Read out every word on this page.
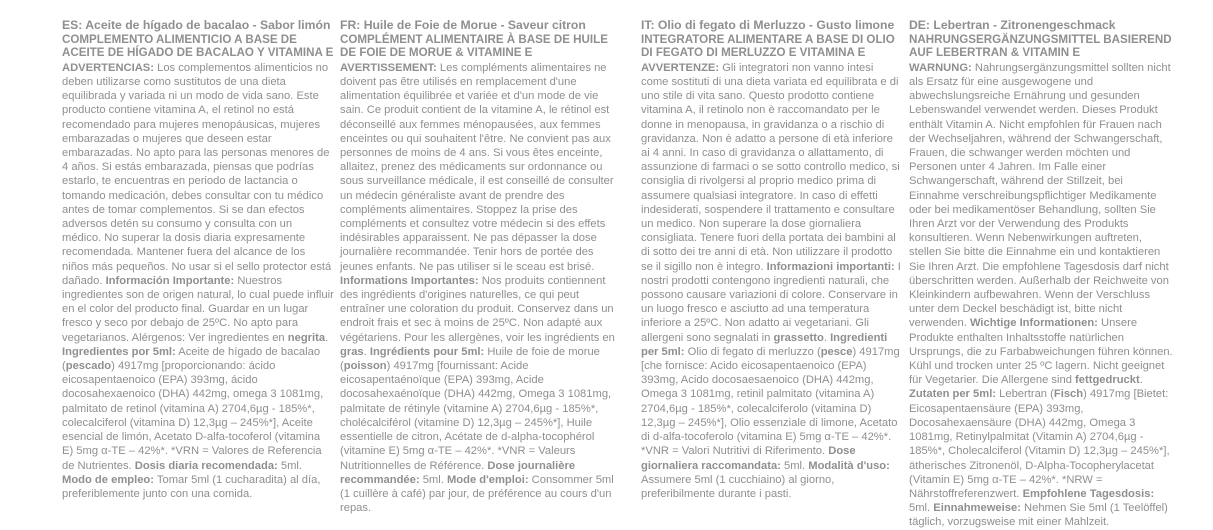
ES: Aceite de hígado de bacalao - Sabor limón
COMPLEMENTO ALIMENTICIO A BASE DE ACEITE DE HÍGADO DE BACALAO Y VITAMINA E

ADVERTENCIAS: Los complementos alimenticios no deben utilizarse como sustitutos de una dieta equilibrada y variada ni un modo de vida sano. Este producto contiene vitamina A, el retinol no está recomendado para mujeres menopáusicas, mujeres embarazadas o mujeres que deseen estar embarazadas. No apto para las personas menores de 4 años. Si estás embarazada, piensas que podrías estarlo, te encuentras en periodo de lactancia o tomando medicación, debes consultar con tu médico antes de tomar complementos. Si se dan efectos adversos detén su consumo y consulta con un médico. No superar la dosis diaria expresamente recomendada. Mantener fuera del alcance de los niños más pequeños. No usar si el sello protector está dañado. Información Importante: Nuestros ingredientes son de origen natural, lo cual puede influir en el color del producto final. Guardar en un lugar fresco y seco por debajo de 25ºC. No apto para vegetarianos. Alérgenos: Ver ingredientes en negrita. Ingredientes por 5ml: Aceite de hígado de bacalao (pescado) 4917mg [proporcionando: ácido eicosapentaenoico (EPA) 393mg, ácido docosahexaenoico (DHA) 442mg, omega 3 1081mg, palmitato de retinol (vitamina A) 2704,6µg - 185%*, colecalciferol (vitamina D) 12,3µg – 245%*], Aceite esencial de limón, Acetato D-alfa-tocoferol (vitamina E) 5mg α-TE – 42%*. *VRN = Valores de Referencia de Nutrientes. Dosis diaria recomendada: 5ml. Modo de empleo: Tomar 5ml (1 cucharadita) al día, preferiblemente junto con una comida.

FR: Huile de Foie de Morue - Saveur citron
COMPLÉMENT ALIMENTAIRE À BASE DE HUILE DE FOIE DE MORUE & VITAMINE E

AVERTISSEMENT: Les compléments alimentaires ne doivent pas être utilisés en remplacement d'une alimentation équilibrée et variée et d'un mode de vie sain. Ce produit contient de la vitamine A, le rétinol est déconseillé aux femmes ménopausées, aux femmes enceintes ou qui souhaitent l'être. Ne convient pas aux personnes de moins de 4 ans. Si vous êtes enceinte, allaitez, prenez des médicaments sur ordonnance ou sous surveillance médicale, il est conseillé de consulter un médecin généraliste avant de prendre des compléments alimentaires. Stoppez la prise des compléments et consultez votre médecin si des effets indésirables apparaissent. Ne pas dépasser la dose journalière recommandée. Tenir hors de portée des jeunes enfants. Ne pas utiliser si le sceau est brisé. Informations Importantes: Nos produits contiennent des ingrédients d'origines naturelles, ce qui peut entraîner une coloration du produit. Conservez dans un endroit frais et sec à moins de 25ºC. Non adapté aux végétariens. Pour les allergènes, voir les ingrédients en gras. Ingrédients pour 5ml: Huile de foie de morue (poisson) 4917mg [fournissant: Acide eicosapentaénoïque (EPA) 393mg, Acide docosahexaénoïque (DHA) 442mg, Omega 3 1081mg, palmitate de rétinyle (vitamine A) 2704,6µg - 185%*, cholécalciférol (vitamine D) 12,3µg – 245%*], Huile essentielle de citron, Acétate de d-alpha-tocophérol (vitamine E) 5mg α-TE – 42%*. *VNR = Valeurs Nutritionnelles de Référence. Dose journalière recommandée: 5ml. Mode d'emploi: Consommer 5ml (1 cuillère à café) par jour, de préférence au cours d'un repas.

IT: Olio di fegato di Merluzzo - Gusto limone
INTEGRATORE ALIMENTARE A BASE DI OLIO DI FEGATO DI MERLUZZO E VITAMINA E

AVVERTENZE: Gli integratori non vanno intesi come sostituti di una dieta variata ed equilibrata e di uno stile di vita sano. Questo prodotto contiene vitamina A, il retinolo non è raccomandato per le donne in menopausa, in gravidanza o a rischio di gravidanza. Non è adatto a persone di età inferiore ai 4 anni. In caso di gravidanza o allattamento, di assunzione di farmaci o se sotto controllo medico, si consiglia di rivolgersi al proprio medico prima di assumere qualsiasi integratore. In caso di effetti indesiderati, sospendere il trattamento e consultare un medico. Non superare la dose giornaliera consigliata. Tenere fuori della portata dei bambini al di sotto dei tre anni di età. Non utilizzare il prodotto se il sigillo non è integro. Informazioni importanti: I nostri prodotti contengono ingredienti naturali, che possono causare variazioni di colore. Conservare in un luogo fresco e asciutto ad una temperatura inferiore a 25ºC. Non adatto ai vegetariani. Gli allergeni sono segnalati in grassetto. Ingredienti per 5ml: Olio di fegato di merluzzo (pesce) 4917mg [che fornisce: Acido eicosapentaenoico (EPA) 393mg, Acido docosaesaenoico (DHA) 442mg, Omega 3 1081mg, retinil palmitato (vitamina A) 2704,6µg - 185%*, colecalciferolo (vitamina D) 12,3µg – 245%*], Olio essenziale di limone, Acetato di d-alfa-tocoferolo (vitamina E) 5mg α-TE – 42%*. *VNR = Valori Nutritivi di Riferimento. Dose giornaliera raccomandata: 5ml. Modalità d'uso: Assumere 5ml (1 cucchiaino) al giorno, preferibilmente durante i pasti.

DE: Lebertran - Zitronengeschmack
NAHRUNGSERGÄNZUNGSMITTEL BASIEREND AUF LEBERTRAN & VITAMIN E

WARNUNG: Nahrungsergänzungsmittel sollten nicht als Ersatz für eine ausgewogene und abwechslungsreiche Ernährung und gesunden Lebenswandel verwendet werden. Dieses Produkt enthält Vitamin A. Nicht empfohlen für Frauen nach der Wechseljahren, während der Schwangerschaft, Frauen, die schwanger werden möchten und Personen unter 4 Jahren. Im Falle einer Schwangerschaft, während der Stillzeit, bei Einnahme verschreibungspflichtiger Medikamente oder bei medikamentöser Behandlung, sollten Sie Ihren Arzt vor der Verwendung des Produkts konsultieren. Wenn Nebenwirkungen auftreten, stellen Sie bitte die Einnahme ein und kontaktieren Sie Ihren Arzt. Die empfohlene Tagesdosis darf nicht überschritten werden. Außerhalb der Reichweite von Kleinkindern aufbewahren. Wenn der Verschluss unter dem Deckel beschädigt ist, bitte nicht verwenden. Wichtige Informationen: Unsere Produkte enthalten Inhaltsstoffe natürlichen Ursprungs, die zu Farbabweichungen führen können. Kühl und trocken unter 25 ºC lagern. Nicht geeignet für Vegetarier. Die Allergene sind fettgedruckt. Zutaten per 5ml: Lebertran (Fisch) 4917mg [Bietet: Eicosapentaensäure (EPA) 393mg, Docosahexaensäure (DHA) 442mg, Omega 3 1081mg, Retinylpalmitat (Vitamin A) 2704,6µg - 185%*, Cholecalciferol (Vitamin D) 12,3µg – 245%*], ätherisches Zitronenöl, D-Alpha-Tocopherylacetat (Vitamin E) 5mg α-TE – 42%*. *NRW = Nährstoffreferenzwert. Empfohlene Tagesdosis: 5ml. Einnahmeweise: Nehmen Sie 5ml (1 Teelöffel) täglich, vorzugsweise mit einer Mahlzeit.
